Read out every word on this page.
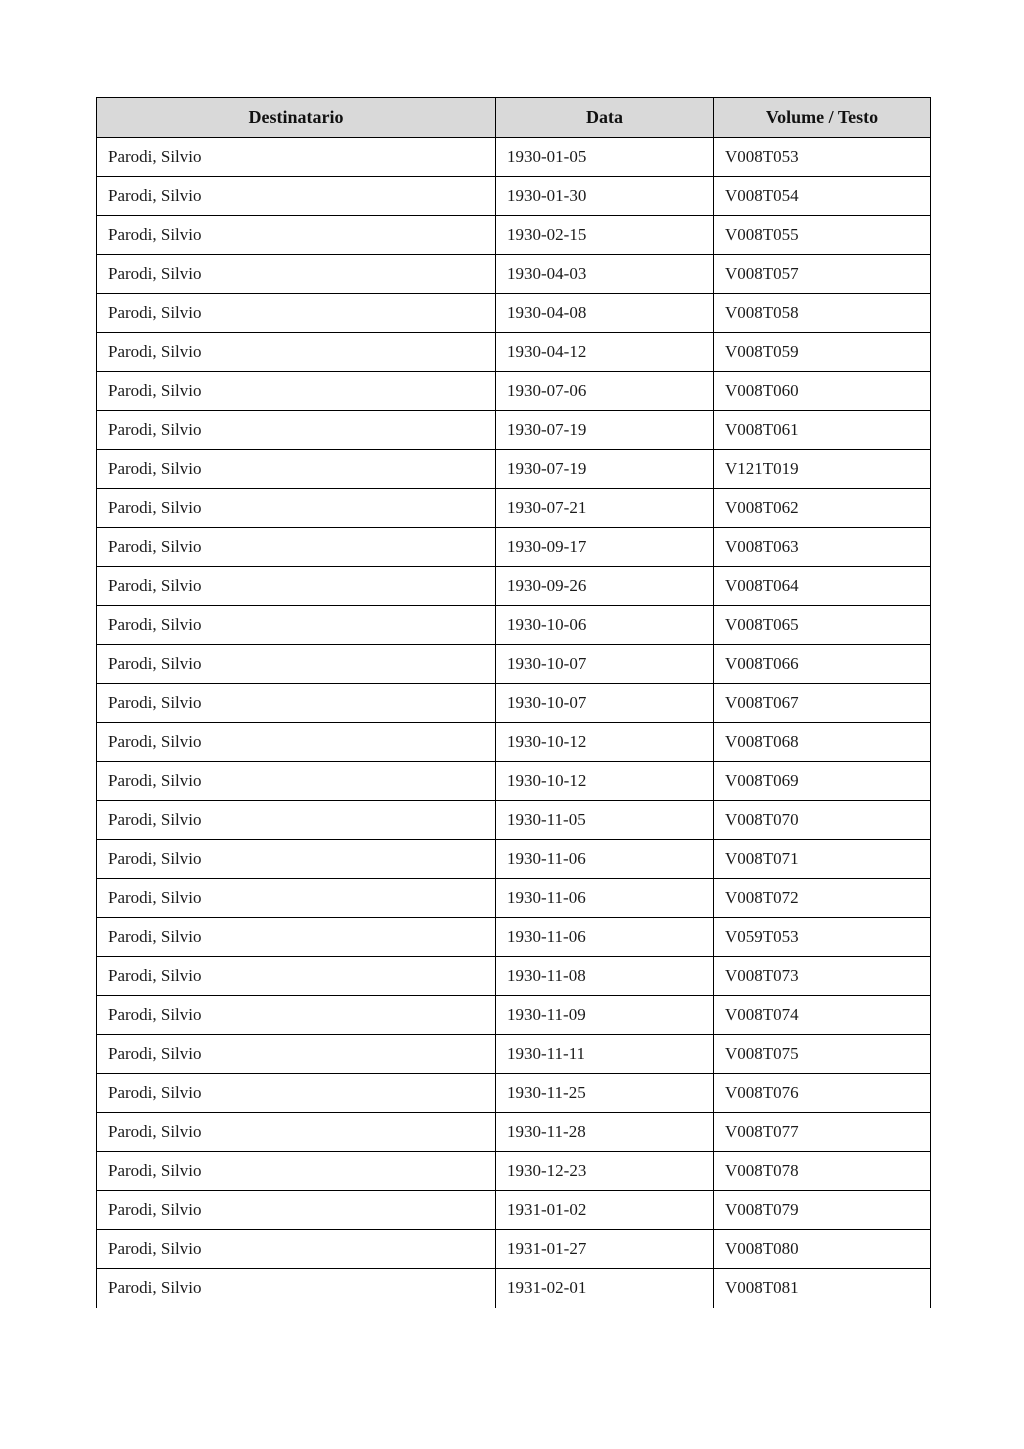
Destinatario	Data	Volume / Testo
Parodi, Silvio	1930-01-05	V008T053
Parodi, Silvio	1930-01-30	V008T054
Parodi, Silvio	1930-02-15	V008T055
Parodi, Silvio	1930-04-03	V008T057
Parodi, Silvio	1930-04-08	V008T058
Parodi, Silvio	1930-04-12	V008T059
Parodi, Silvio	1930-07-06	V008T060
Parodi, Silvio	1930-07-19	V008T061
Parodi, Silvio	1930-07-19	V121T019
Parodi, Silvio	1930-07-21	V008T062
Parodi, Silvio	1930-09-17	V008T063
Parodi, Silvio	1930-09-26	V008T064
Parodi, Silvio	1930-10-06	V008T065
Parodi, Silvio	1930-10-07	V008T066
Parodi, Silvio	1930-10-07	V008T067
Parodi, Silvio	1930-10-12	V008T068
Parodi, Silvio	1930-10-12	V008T069
Parodi, Silvio	1930-11-05	V008T070
Parodi, Silvio	1930-11-06	V008T071
Parodi, Silvio	1930-11-06	V008T072
Parodi, Silvio	1930-11-06	V059T053
Parodi, Silvio	1930-11-08	V008T073
Parodi, Silvio	1930-11-09	V008T074
Parodi, Silvio	1930-11-11	V008T075
Parodi, Silvio	1930-11-25	V008T076
Parodi, Silvio	1930-11-28	V008T077
Parodi, Silvio	1930-12-23	V008T078
Parodi, Silvio	1931-01-02	V008T079
Parodi, Silvio	1931-01-27	V008T080
Parodi, Silvio	1931-02-01	V008T081
